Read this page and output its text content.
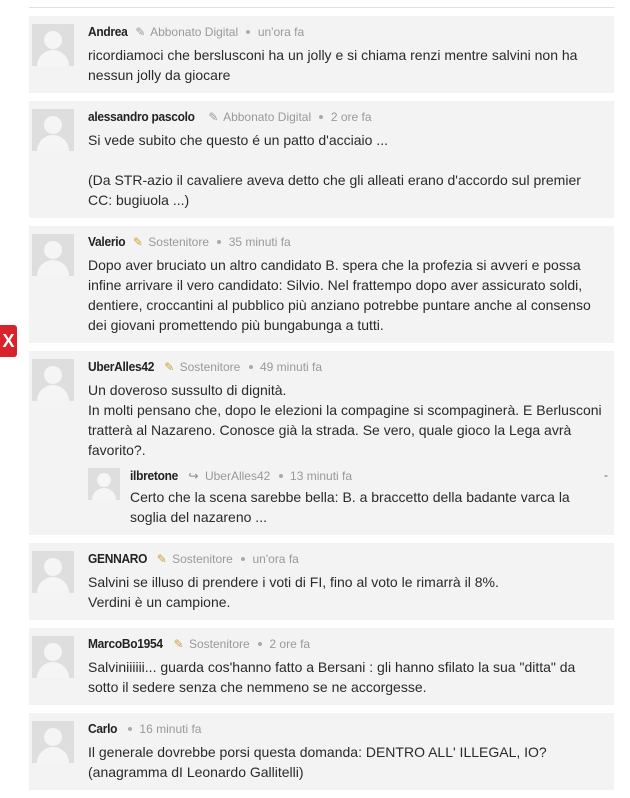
X
Andrea ✎ Abbonato Digital un'ora fa

ricordiamoci che berslusconi ha un jolly e si chiama renzi mentre salvini non ha nessun jolly da giocare

alessandro pascolo ✎ Abbonato Digital 2 ore fa

Si vede subito che questo é un patto d'acciaio ...

(Da STR-azio il cavaliere aveva detto che gli alleati erano d'accordo sul premier CC: bugiuola ...)

Valerio ✎ Sostenitore 35 minuti fa

Dopo aver bruciato un altro candidato B. spera che la profezia si avveri e possa infine arrivare il vero candidato: Silvio. Nel frattempo dopo aver assicurato soldi, dentiere, croccantini al pubblico più anziano potrebbe puntare anche al consenso dei giovani promettendo più bungabunga a tutti.

UberAlles42 ✎ Sostenitore 49 minuti fa

Un doveroso sussulto di dignità.

In molti pensano che, dopo le elezioni la compagine si scompaginerà. E Berlusconi tratterà al Nazareno. Conosce già la strada. Se vero, quale gioco la Lega avrà favorito?.

ilbretone ↪ UberAlles42 13 minuti fa

Certo che la scena sarebbe bella: B. a braccetto della badante varca la soglia del nazareno ...

-
GENNARO ✎ Sostenitore un'ora fa

Salvini se illuso di prendere i voti di FI, fino al voto le rimarrà il 8%.

Verdini è un campione.

MarcoBo1954 ✎ Sostenitore 2 ore fa

Salviniiiiii... guarda cos'hanno fatto a Bersani : gli hanno sfilato la sua "ditta" da sotto il sedere senza che nemmeno se ne accorgesse.

Carlo 16 minuti fa

Il generale dovrebbe porsi questa domanda: DENTRO ALL' ILLEGAL, IO? (anagramma dI Leonardo Gallitelli)
